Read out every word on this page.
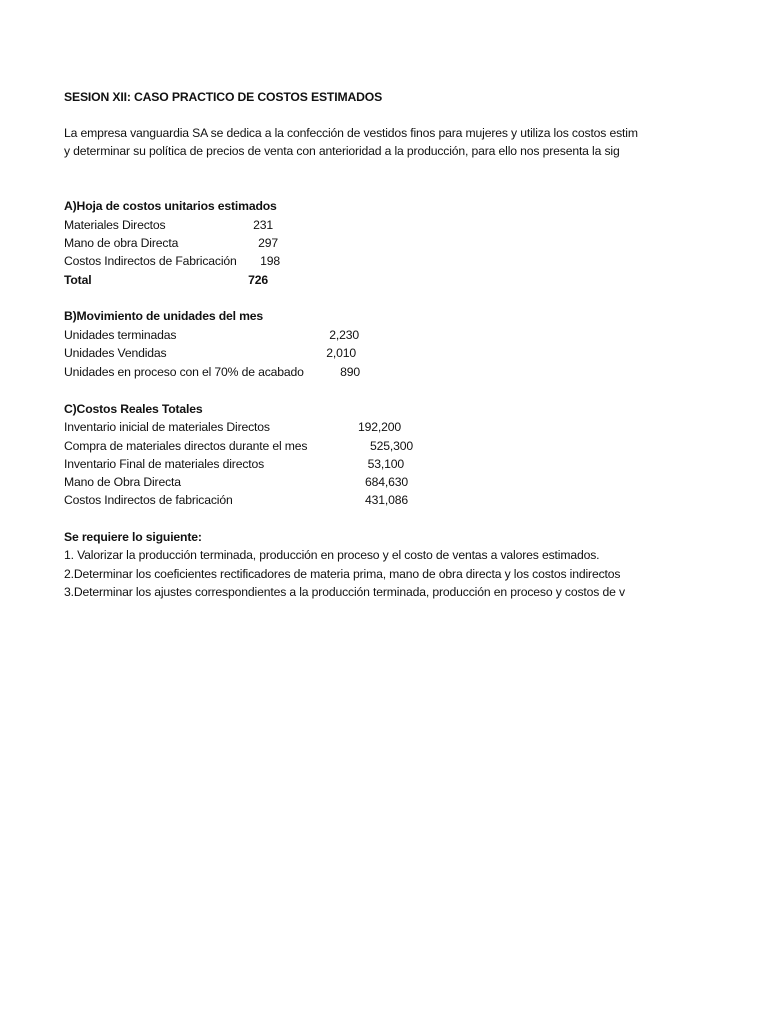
SESION XII: CASO PRACTICO DE COSTOS ESTIMADOS
La empresa vanguardia SA se dedica a la confección de vestidos finos para mujeres y utiliza los costos estim
y determinar su política de precios de venta con anterioridad a la producción, para ello nos presenta la sig
A)Hoja de costos unitarios estimados
Materiales Directos	231
Mano de obra Directa	297
Costos Indirectos de Fabricación 198
Total	726
B)Movimiento de unidades del mes
Unidades terminadas	2,230
Unidades Vendidas	2,010
Unidades en proceso con el 70% de acabado	890
C)Costos Reales Totales
Inventario inicial de materiales Directos	192,200
Compra de materiales directos durante el mes	525,300
Inventario Final de materiales directos	53,100
Mano de Obra Directa	684,630
Costos Indirectos de fabricación	431,086
Se requiere lo siguiente:
1. Valorizar la producción terminada, producción en proceso y el costo de ventas a valores estimados.
2.Determinar los coeficientes rectificadores de materia prima, mano de obra directa y los costos indirectos
3.Determinar los ajustes correspondientes a la producción terminada, producción en proceso y costos de v
